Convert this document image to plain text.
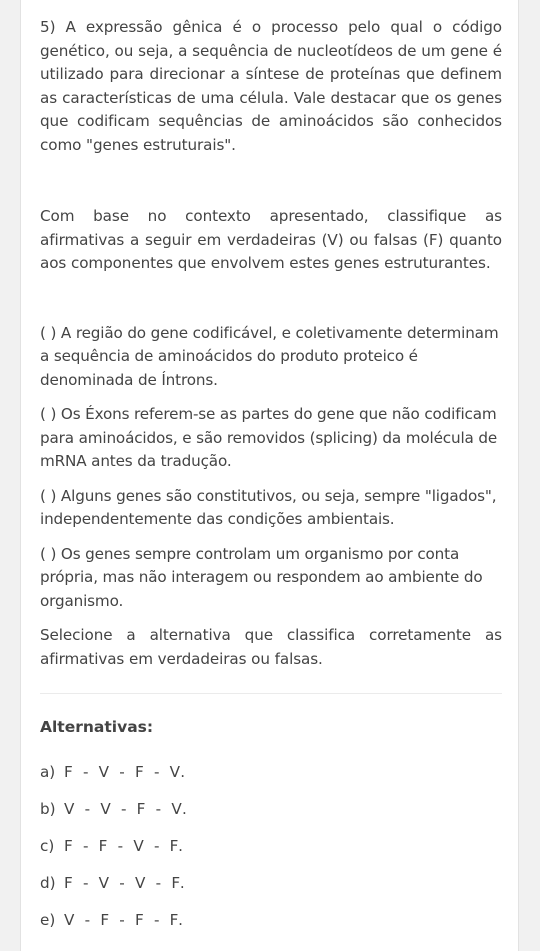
5) A expressão gênica é o processo pelo qual o código genético, ou seja, a sequência de nucleotídeos de um gene é utilizado para direcionar a síntese de proteínas que definem as características de uma célula. Vale destacar que os genes que codificam sequências de aminoácidos são conhecidos como "genes estruturais".

Com base no contexto apresentado, classifique as afirmativas a seguir em verdadeiras (V) ou falsas (F) quanto aos componentes que envolvem estes genes estruturantes.

( ) A região do gene codificável, e coletivamente determinam a sequência de aminoácidos do produto proteico é denominada de Íntrons.

( ) Os Éxons referem-se as partes do gene que não codificam para aminoácidos, e são removidos (splicing) da molécula de mRNA antes da tradução.

( ) Alguns genes são constitutivos, ou seja, sempre "ligados", independentemente das condições ambientais.

( ) Os genes sempre controlam um organismo por conta própria, mas não interagem ou respondem ao ambiente do organismo.

Selecione a alternativa que classifica corretamente as afirmativas em verdadeiras ou falsas.

Alternativas:

a) F - V - F - V.
b) V - V - F - V.
c) F - F - V - F.
d) F - V - V - F.
e) V - F - F - F.
